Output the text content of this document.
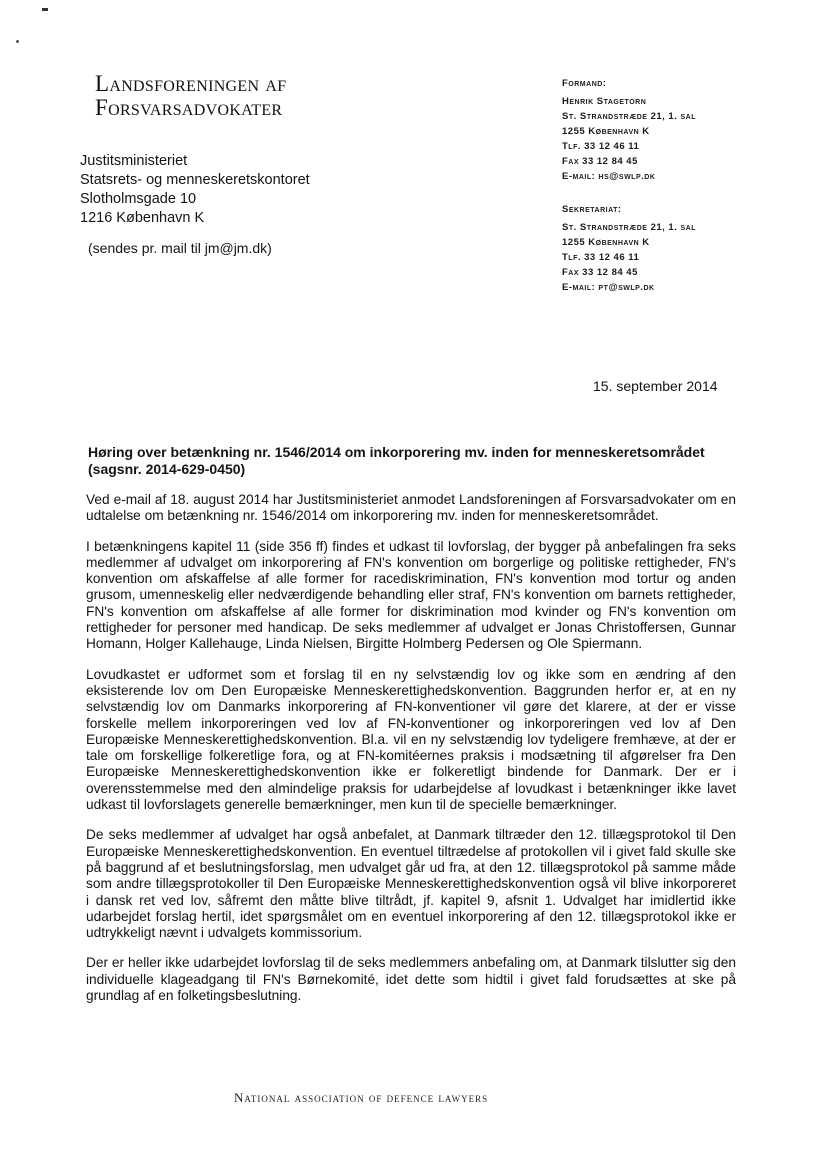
Landsforeningen af
Forsvarsadvokater
Formand:
Henrik Stagetorn
St. Strandstræde 21, 1. sal
1255 København K
Tlf. 33 12 46 11
Fax 33 12 84 45
E-mail: hs@swlp.dk
Sekretariat:
St. Strandstræde 21, 1. sal
1255 København K
Tlf. 33 12 46 11
Fax 33 12 84 45
E-mail: pt@swlp.dk
Justitsministeriet
Statsrets- og menneskeretskontoret
Slotholmsgade 10
1216 København K
(sendes pr. mail til jm@jm.dk)
15. september 2014
Høring over betænkning nr. 1546/2014 om inkorporering mv. inden for menneskeretsområdet (sagsnr. 2014-629-0450)

Ved e-mail af 18. august 2014 har Justitsministeriet anmodet Landsforeningen af Forsvarsadvokater om en udtalelse om betænkning nr. 1546/2014 om inkorporering mv. inden for menneskeretsområdet.

I betænkningens kapitel 11 (side 356 ff) findes et udkast til lovforslag, der bygger på anbefalingen fra seks medlemmer af udvalget om inkorporering af FN's konvention om borgerlige og politiske rettigheder, FN's konvention om afskaffelse af alle former for racediskrimination, FN's konvention mod tortur og anden grusom, umenneskelig eller nedværdigende behandling eller straf, FN's konvention om barnets rettigheder, FN's konvention om afskaffelse af alle former for diskrimination mod kvinder og FN's konvention om rettigheder for personer med handicap. De seks medlemmer af udvalget er Jonas Christoffersen, Gunnar Homann, Holger Kallehauge, Linda Nielsen, Birgitte Holmberg Pedersen og Ole Spiermann.

Lovudkastet er udformet som et forslag til en ny selvstændig lov og ikke som en ændring af den eksisterende lov om Den Europæiske Menneskerettighedskonvention. Baggrunden herfor er, at en ny selvstændig lov om Danmarks inkorporering af FN-konventioner vil gøre det klarere, at der er visse forskelle mellem inkorporeringen ved lov af FN-konventioner og inkorporeringen ved lov af Den Europæiske Menneskerettighedskonvention. Bl.a. vil en ny selvstændig lov tydeligere fremhæve, at der er tale om forskellige folkeretlige fora, og at FN-komitéernes praksis i modsætning til afgørelser fra Den Europæiske Menneskerettighedskonvention ikke er folkeretligt bindende for Danmark. Der er i overensstemmelse med den almindelige praksis for udarbejdelse af lovudkast i betænkninger ikke lavet udkast til lovforslagets generelle bemærkninger, men kun til de specielle bemærkninger.

De seks medlemmer af udvalget har også anbefalet, at Danmark tiltræder den 12. tillægsprotokol til Den Europæiske Menneskerettighedskonvention. En eventuel tiltrædelse af protokollen vil i givet fald skulle ske på baggrund af et beslutningsforslag, men udvalget går ud fra, at den 12. tillægsprotokol på samme måde som andre tillægsprotokoller til Den Europæiske Menneskerettighedskonvention også vil blive inkorporeret i dansk ret ved lov, såfremt den måtte blive tiltrådt, jf. kapitel 9, afsnit 1. Udvalget har imidlertid ikke udarbejdet forslag hertil, idet spørgsmålet om en eventuel inkorporering af den 12. tillægsprotokol ikke er udtrykkeligt nævnt i udvalgets kommissorium.

Der er heller ikke udarbejdet lovforslag til de seks medlemmers anbefaling om, at Danmark tilslutter sig den individuelle klageadgang til FN's Børnekomité, idet dette som hidtil i givet fald forudsættes at ske på grundlag af en folketingsbeslutning.

National association of defence lawyers
